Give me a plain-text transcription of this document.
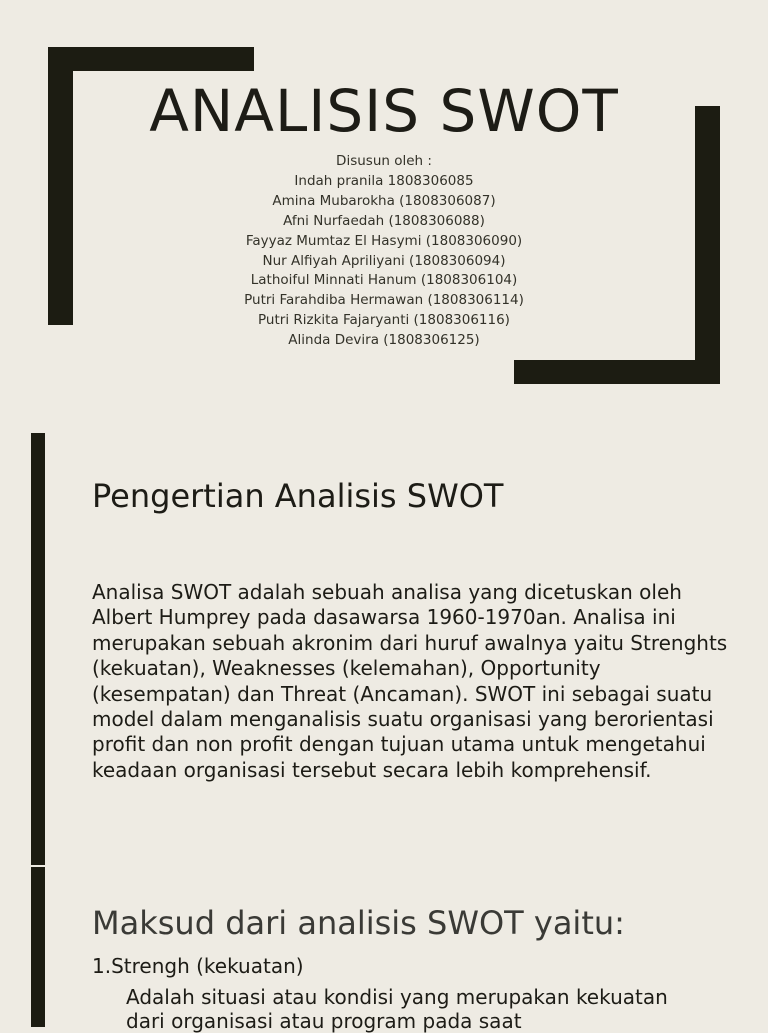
ANALISIS SWOT
Disusun oleh :
Indah pranila 1808306085
Amina Mubarokha (1808306087)
Afni Nurfaedah (1808306088)
Fayyaz Mumtaz El Hasymi (1808306090)
Nur Alfiyah Apriliyani (1808306094)
Lathoiful Minnati Hanum (1808306104)
Putri Farahdiba Hermawan (1808306114)
Putri Rizkita Fajaryanti (1808306116)
Alinda Devira (1808306125)
Pengertian Analisis SWOT

Analisa SWOT adalah sebuah analisa yang dicetuskan oleh Albert Humprey pada dasawarsa 1960-1970an. Analisa ini merupakan sebuah akronim dari huruf awalnya yaitu Strenghts (kekuatan), Weaknesses (kelemahan), Opportunity (kesempatan) dan Threat (Ancaman). SWOT ini sebagai suatu model dalam menganalisis suatu organisasi yang berorientasi profit dan non profit dengan tujuan utama untuk mengetahui keadaan organisasi tersebut secara lebih komprehensif.

Maksud dari analisis SWOT yaitu:

1.Strengh (kekuatan)

Adalah situasi atau kondisi yang merupakan kekuatan dari organisasi atau program pada saat
